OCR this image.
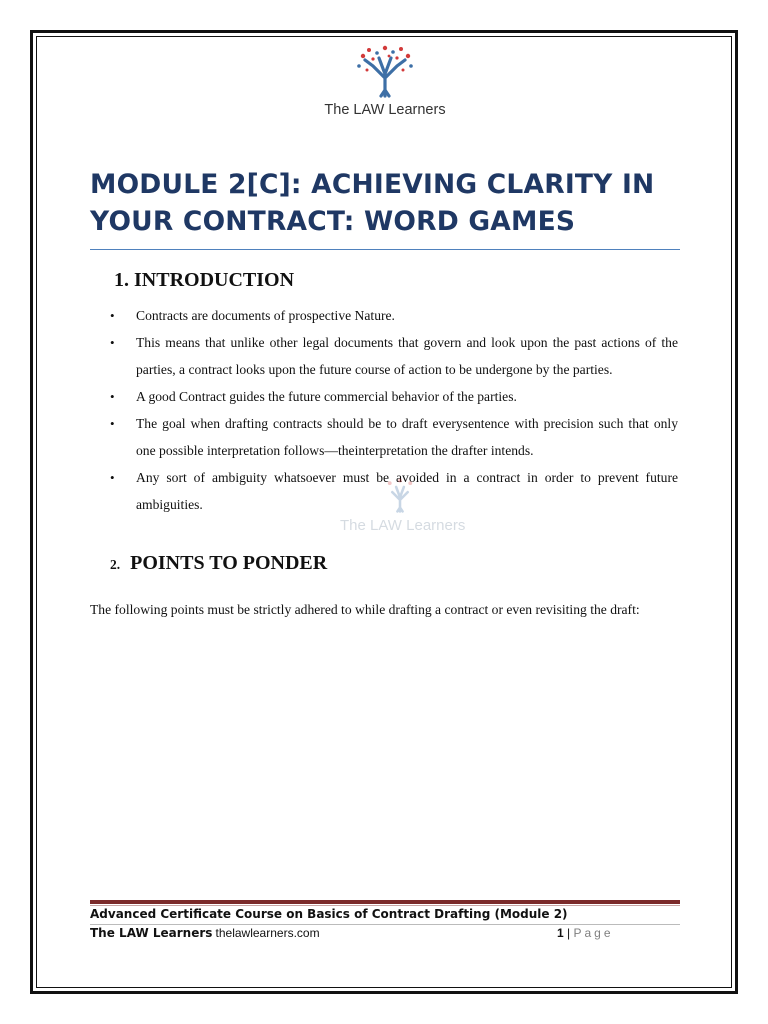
The LAW Learners
MODULE 2[C]: ACHIEVING CLARITY IN YOUR CONTRACT: WORD GAMES
1. INTRODUCTION
• Contracts are documents of prospective Nature.
• This means that unlike other legal documents that govern and look upon the past actions of the parties, a contract looks upon the future course of action to be undergone by the parties.
• A good Contract guides the future commercial behavior of the parties.
• The goal when drafting contracts should be to draft everysentence with precision such that only one possible interpretation follows—theinterpretation the drafter intends.
• Any sort of ambiguity whatsoever must be avoided in a contract in order to prevent future ambiguities.
The LAW Learners
2. POINTS TO PONDER
The following points must be strictly adhered to while drafting a contract or even revisiting the draft:
Advanced Certificate Course on Basics of Contract Drafting (Module 2)
The LAW Learners thelawlearners.com	1 | Page
